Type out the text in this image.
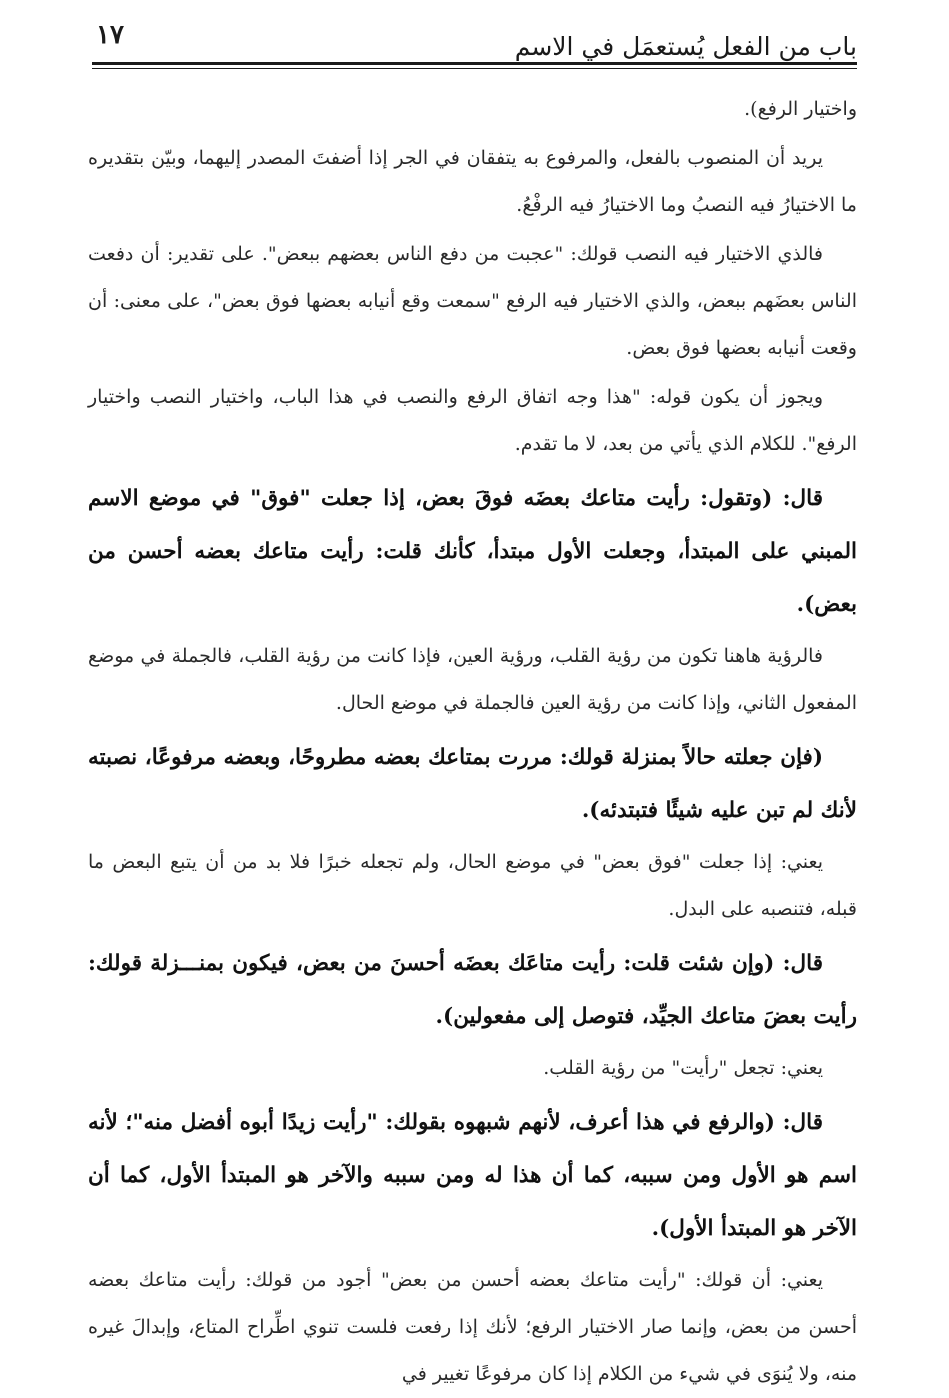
باب من الفعل يُستعمَل في الاسم
١٧

واختيار الرفع).

يريد أن المنصوب بالفعل، والمرفوع به يتفقان في الجر إذا أضفتَ المصدر إليهما، وبيّن بتقديره ما الاختيارُ فيه النصبُ وما الاختيارُ فيه الرفْعُ.

فالذي الاختيار فيه النصب قولك: "عجبت من دفع الناس بعضهم ببعض". على تقدير: أن دفعت الناس بعضَهم ببعض، والذي الاختيار فيه الرفع "سمعت وقع أنيابه بعضها فوق بعض"، على معنى: أن وقعت أنيابه بعضها فوق بعض.

ويجوز أن يكون قوله: "هذا وجه اتفاق الرفع والنصب في هذا الباب، واختيار النصب واختيار الرفع". للكلام الذي يأتي من بعد، لا ما تقدم.

قال: (وتقول: رأيت متاعك بعضَه فوقَ بعض، إذا جعلت "فوق" في موضع الاسم المبني على المبتدأ، وجعلت الأول مبتدأ، كأنك قلت: رأيت متاعك بعضه أحسن من بعض).

فالرؤية هاهنا تكون من رؤية القلب، ورؤية العين، فإذا كانت من رؤية القلب، فالجملة في موضع المفعول الثاني، وإذا كانت من رؤية العين فالجملة في موضع الحال.

(فإن جعلته حالاً بمنزلة قولك: مررت بمتاعك بعضه مطروحًا، وبعضه مرفوعًا، نصبته لأنك لم تبن عليه شيئًا فتبتدئه).

يعني: إذا جعلت "فوق بعض" في موضع الحال، ولم تجعله خبرًا فلا بد من أن يتبع البعض ما قبله، فتنصبه على البدل.

قال: (وإن شئت قلت: رأيت متاعَك بعضَه أحسنَ من بعض، فيكون بمنـــزلة قولك: رأيت بعضَ متاعك الجيِّد، فتوصل إلى مفعولين).

يعني: تجعل "رأيت" من رؤية القلب.

قال: (والرفع في هذا أعرف، لأنهم شبهوه بقولك: "رأيت زيدًا أبوه أفضل منه"؛ لأنه اسم هو الأول ومن سببه، كما أن هذا له ومن سببه والآخر هو المبتدأ الأول، كما أن الآخر هو المبتدأ الأول).

يعني: أن قولك: "رأيت متاعك بعضه أحسن من بعض" أجود من قولك: رأيت متاعك بعضه أحسن من بعض، وإنما صار الاختيار الرفع؛ لأنك إذا رفعت فلست تنوي اطِّراح المتاع، وإبدالَ غيره منه، ولا يُنوَى في شيء من الكلام إذا كان مرفوعًا تغيير في
